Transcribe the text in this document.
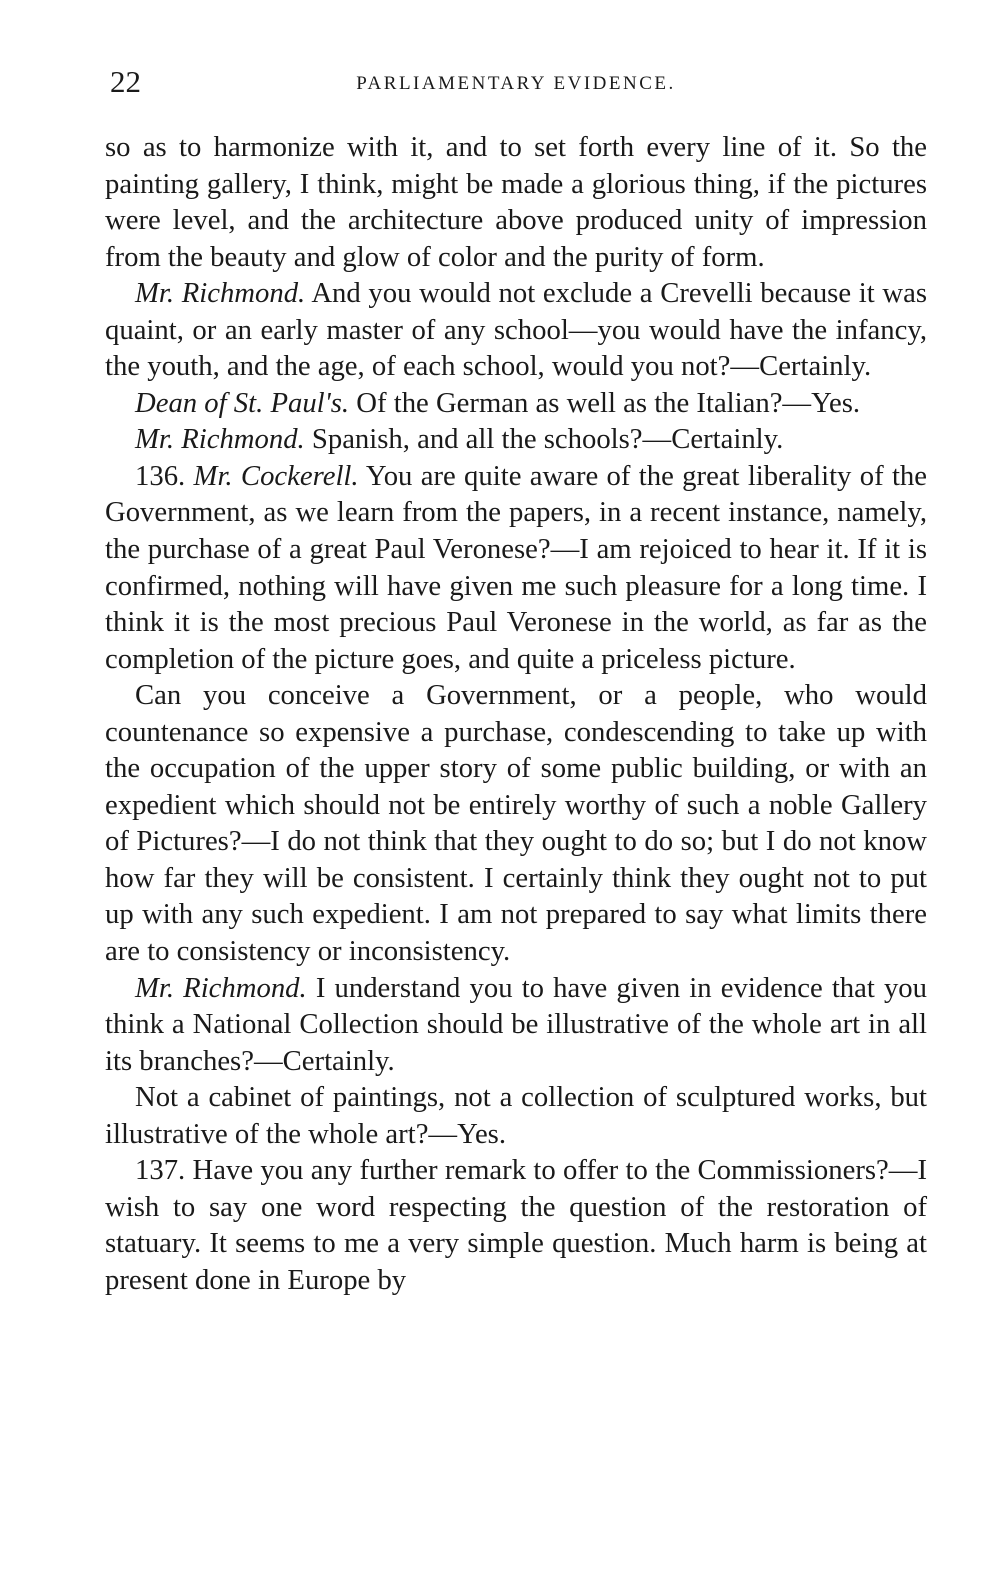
22	PARLIAMENTARY EVIDENCE.

so as to harmonize with it, and to set forth every line of it. So the painting gallery, I think, might be made a glorious thing, if the pictures were level, and the architecture above produced unity of impression from the beauty and glow of color and the purity of form.

Mr. Richmond. And you would not exclude a Crevelli because it was quaint, or an early master of any school—you would have the infancy, the youth, and the age, of each school, would you not?—Certainly.

Dean of St. Paul's. Of the German as well as the Italian?—Yes.

Mr. Richmond. Spanish, and all the schools?—Certainly.

136. Mr. Cockerell. You are quite aware of the great liberality of the Government, as we learn from the papers, in a recent instance, namely, the purchase of a great Paul Veronese?—I am rejoiced to hear it. If it is confirmed, nothing will have given me such pleasure for a long time. I think it is the most precious Paul Veronese in the world, as far as the completion of the picture goes, and quite a priceless picture.

Can you conceive a Government, or a people, who would countenance so expensive a purchase, condescending to take up with the occupation of the upper story of some public building, or with an expedient which should not be entirely worthy of such a noble Gallery of Pictures?—I do not think that they ought to do so; but I do not know how far they will be consistent. I certainly think they ought not to put up with any such expedient. I am not prepared to say what limits there are to consistency or inconsistency.

Mr. Richmond. I understand you to have given in evidence that you think a National Collection should be illustrative of the whole art in all its branches?—Certainly.

Not a cabinet of paintings, not a collection of sculptured works, but illustrative of the whole art?—Yes.

137. Have you any further remark to offer to the Commissioners?—I wish to say one word respecting the question of the restoration of statuary. It seems to me a very simple question. Much harm is being at present done in Europe by
